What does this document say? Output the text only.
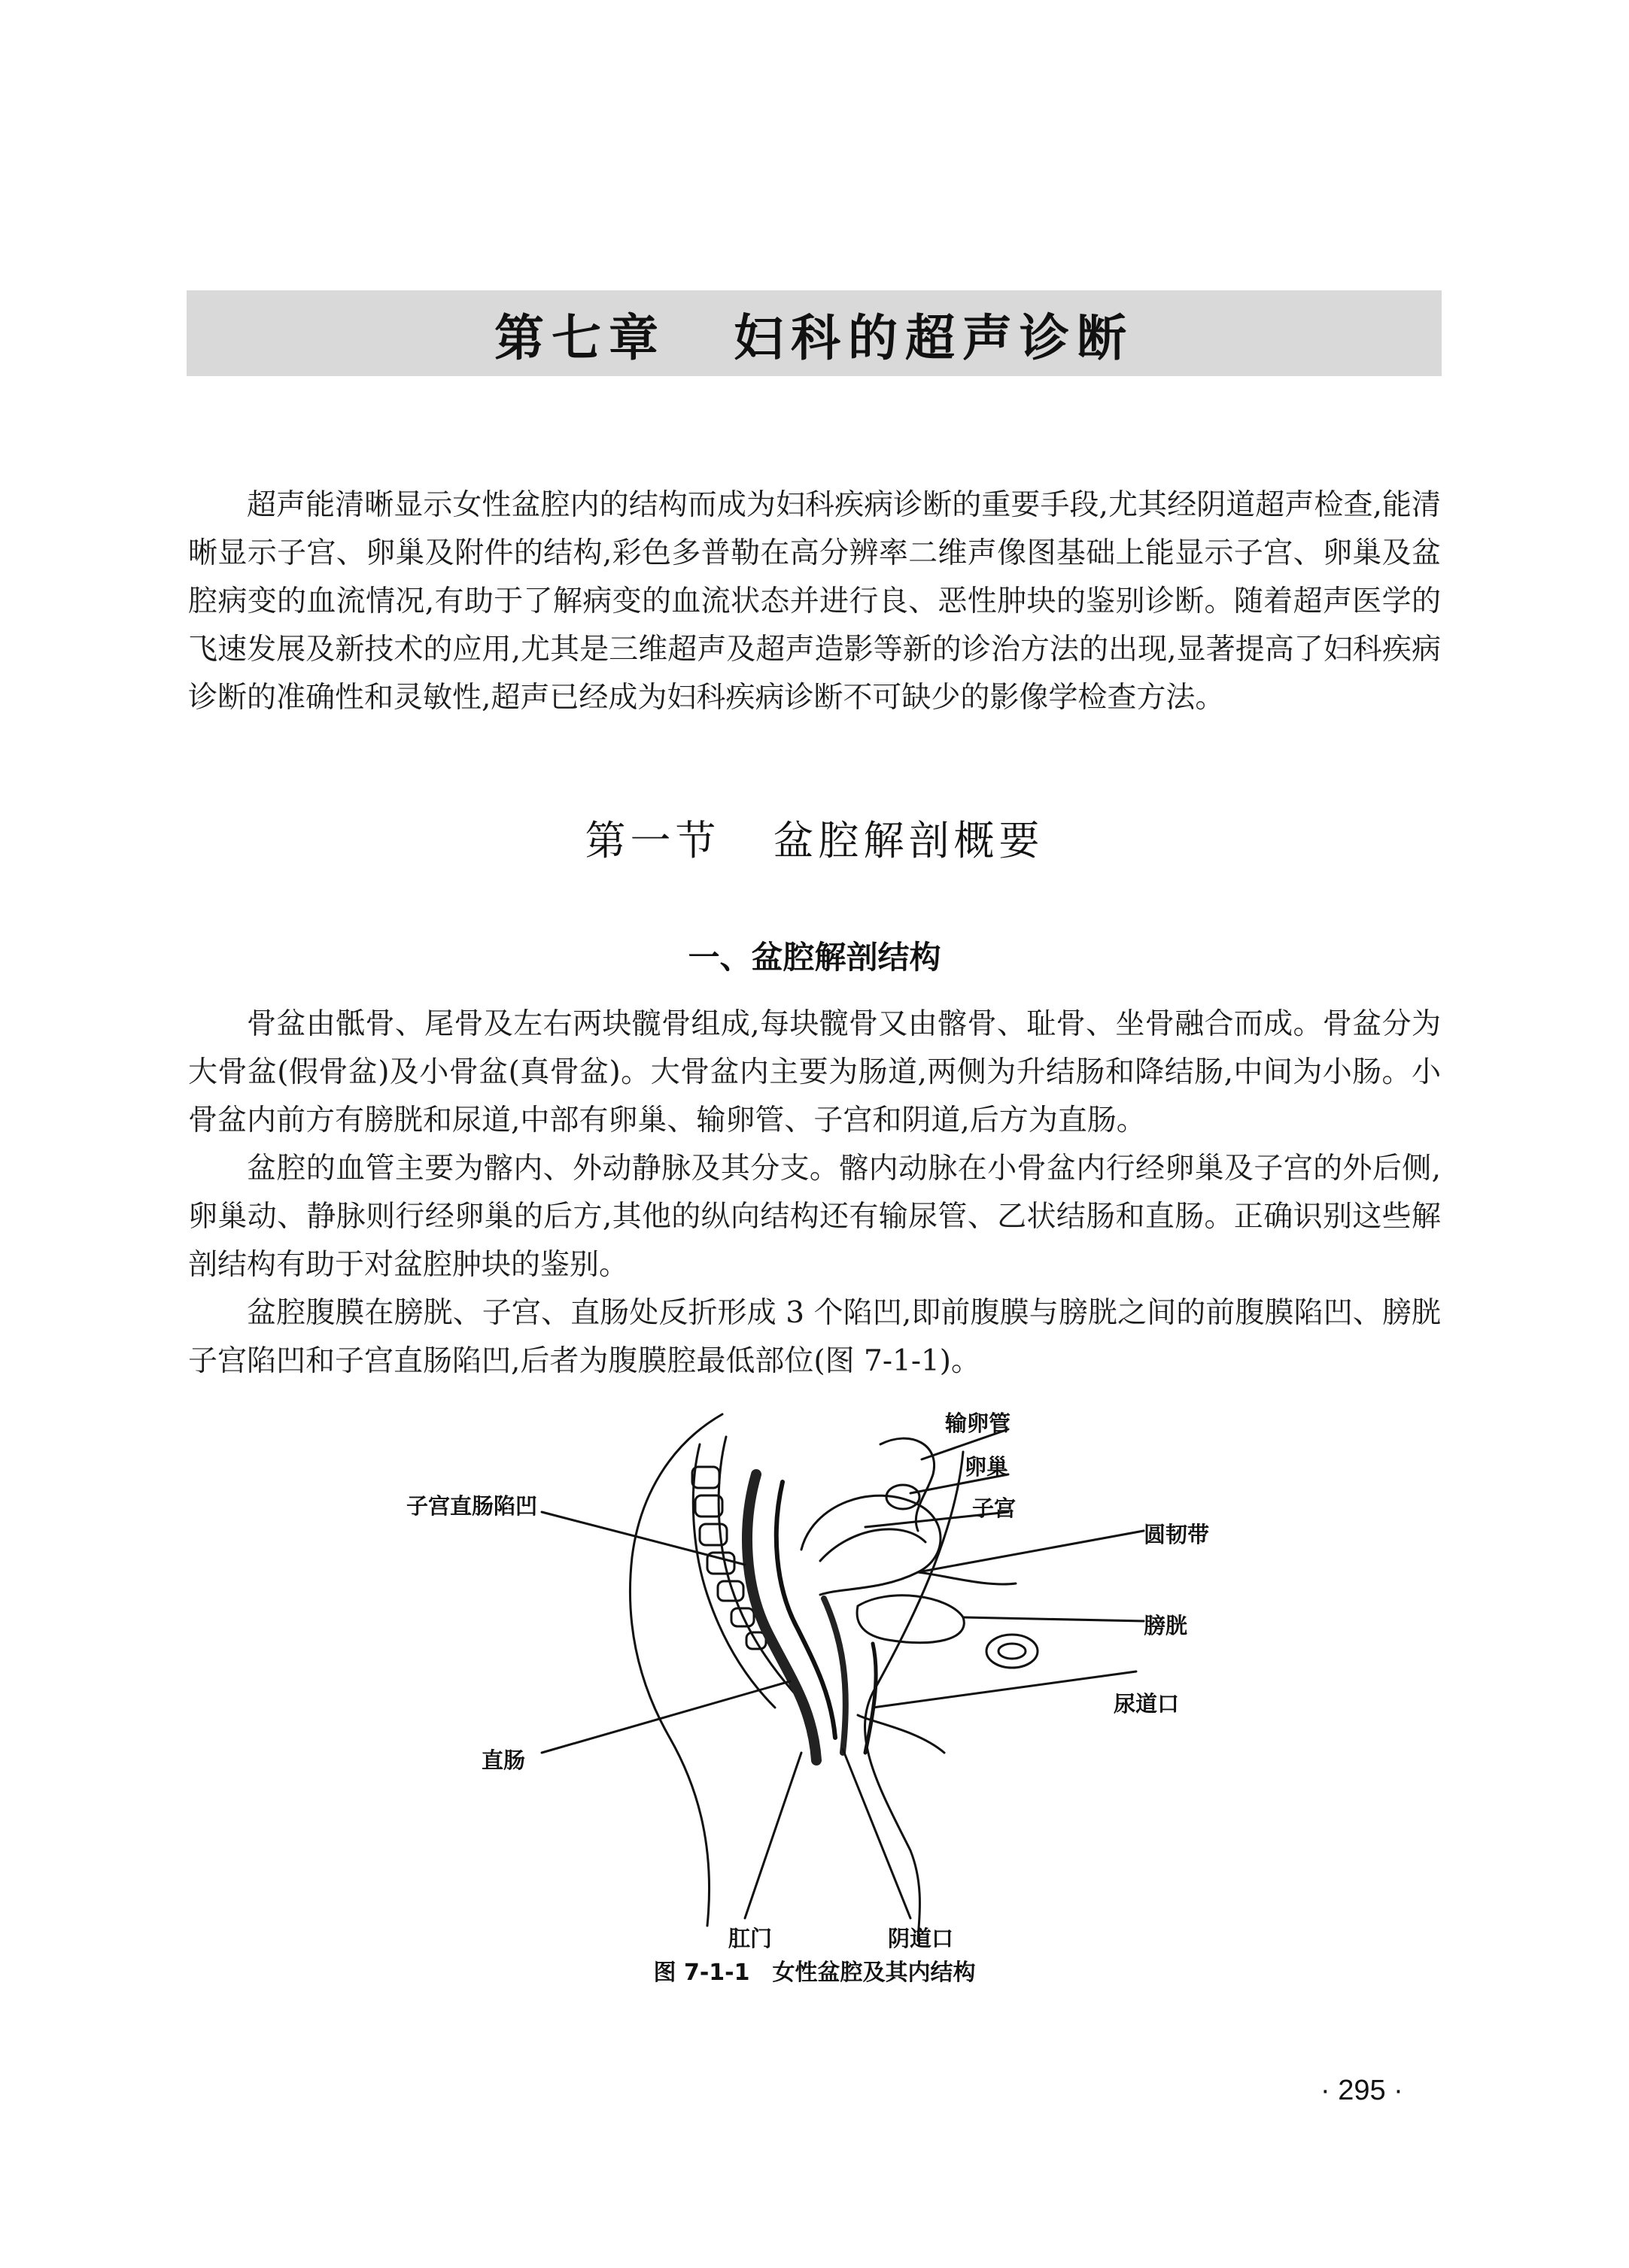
第七章 妇科的超声诊断

超声能清晰显示女性盆腔内的结构而成为妇科疾病诊断的重要手段,尤其经阴道超声检查,能清晰显示子宫、卵巢及附件的结构,彩色多普勒在高分辨率二维声像图基础上能显示子宫、卵巢及盆腔病变的血流情况,有助于了解病变的血流状态并进行良、恶性肿块的鉴别诊断。随着超声医学的飞速发展及新技术的应用,尤其是三维超声及超声造影等新的诊治方法的出现,显著提高了妇科疾病诊断的准确性和灵敏性,超声已经成为妇科疾病诊断不可缺少的影像学检查方法。

第一节 盆腔解剖概要
一、盆腔解剖结构

骨盆由骶骨、尾骨及左右两块髋骨组成,每块髋骨又由髂骨、耻骨、坐骨融合而成。骨盆分为大骨盆(假骨盆)及小骨盆(真骨盆)。大骨盆内主要为肠道,两侧为升结肠和降结肠,中间为小肠。小骨盆内前方有膀胱和尿道,中部有卵巢、输卵管、子宫和阴道,后方为直肠。

盆腔的血管主要为髂内、外动静脉及其分支。髂内动脉在小骨盆内行经卵巢及子宫的外后侧,卵巢动、静脉则行经卵巢的后方,其他的纵向结构还有输尿管、乙状结肠和直肠。正确识别这些解剖结构有助于对盆腔肿块的鉴别。

盆腔腹膜在膀胱、子宫、直肠处反折形成 3 个陷凹,即前腹膜与膀胱之间的前腹膜陷凹、膀胱子宫陷凹和子宫直肠陷凹,后者为腹膜腔最低部位(图 7-1-1)。

输卵管
卵巢
子宫
子宫直肠陷凹
圆韧带
膀胱
尿道口
直肠
肛门	阴道口
图 7-1-1 女性盆腔及其内结构
· 295 ·
